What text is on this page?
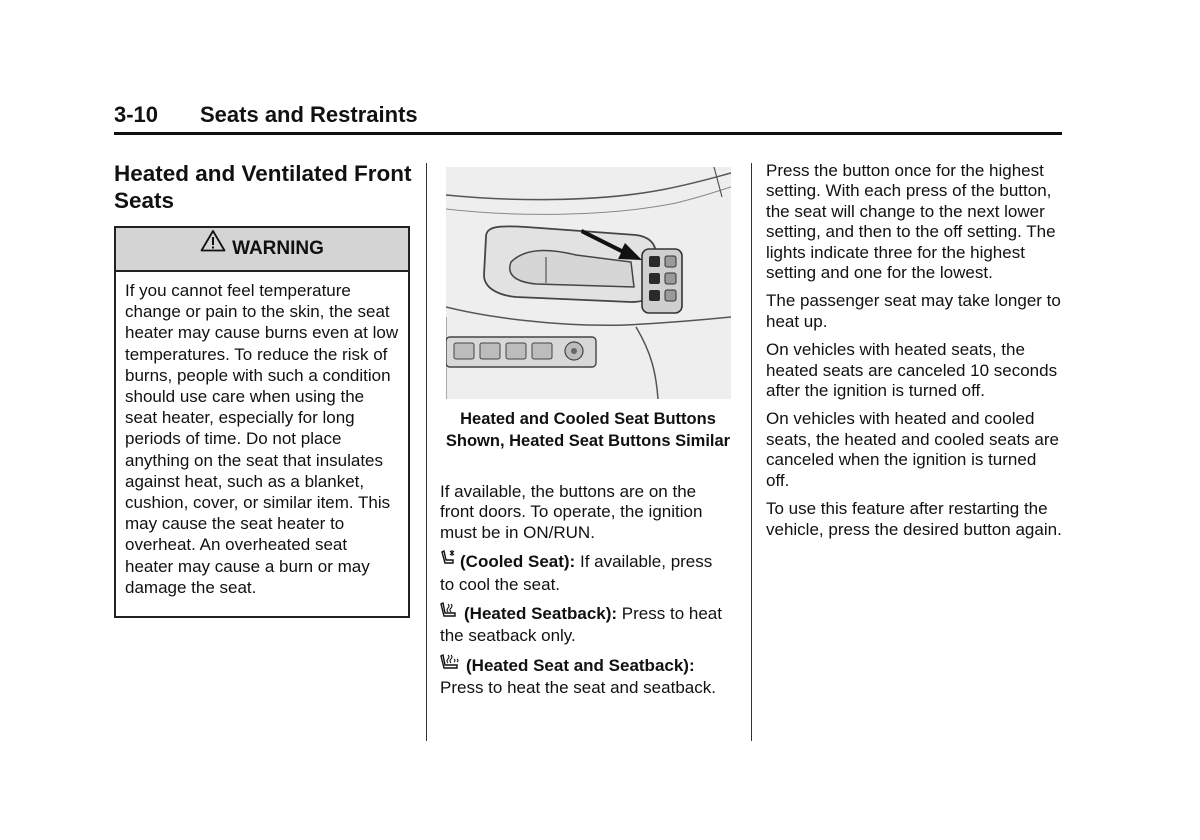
3-10 Seats and Restraints
Heated and Ventilated Front Seats
WARNING
If you cannot feel temperature change or pain to the skin, the seat heater may cause burns even at low temperatures. To reduce the risk of burns, people with such a condition should use care when using the seat heater, especially for long periods of time. Do not place anything on the seat that insulates against heat, such as a blanket, cushion, cover, or similar item. This may cause the seat heater to overheat. An overheated seat heater may cause a burn or may damage the seat.
Heated and Cooled Seat Buttons Shown, Heated Seat Buttons Similar

If available, the buttons are on the front doors. To operate, the ignition must be in ON/RUN.

(Cooled Seat): If available, press to cool the seat.

(Heated Seatback): Press to heat the seatback only.

(Heated Seat and Seatback): Press to heat the seat and seatback.

Press the button once for the highest setting. With each press of the button, the seat will change to the next lower setting, and then to the off setting. The lights indicate three for the highest setting and one for the lowest.

The passenger seat may take longer to heat up.

On vehicles with heated seats, the heated seats are canceled 10 seconds after the ignition is turned off.

On vehicles with heated and cooled seats, the heated and cooled seats are canceled when the ignition is turned off.

To use this feature after restarting the vehicle, press the desired button again.
